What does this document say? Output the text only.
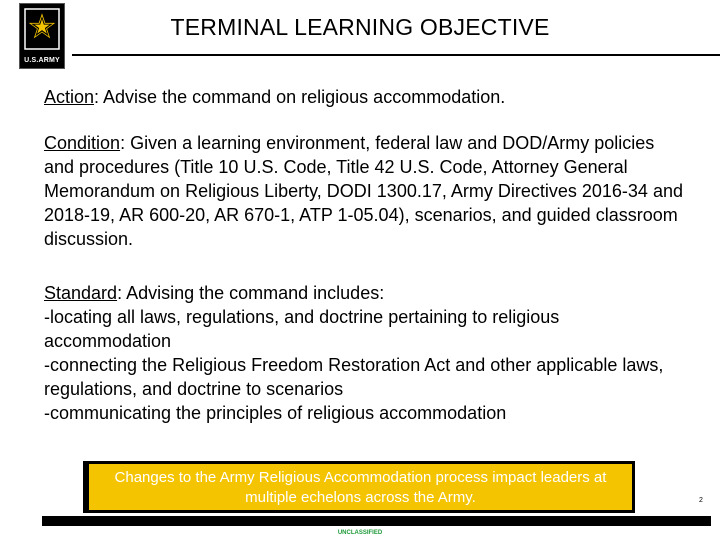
U.S.ARMY
TERMINAL LEARNING OBJECTIVE
Action: Advise the command on religious accommodation.
Condition: Given a learning environment, federal law and DOD/Army policies and procedures (Title 10 U.S. Code, Title 42 U.S. Code, Attorney General Memorandum on Religious Liberty, DODI 1300.17, Army Directives 2016-34 and 2018-19, AR 600-20, AR 670-1, ATP 1-05.04), scenarios, and guided classroom discussion.
Standard: Advising the command includes:
-locating all laws, regulations, and doctrine pertaining to religious accommodation
-connecting the Religious Freedom Restoration Act and other applicable laws, regulations, and doctrine to scenarios
-communicating the principles of religious accommodation
Changes to the Army Religious Accommodation process impact leaders at multiple echelons across the Army.	2
UNCLASSIFIED
